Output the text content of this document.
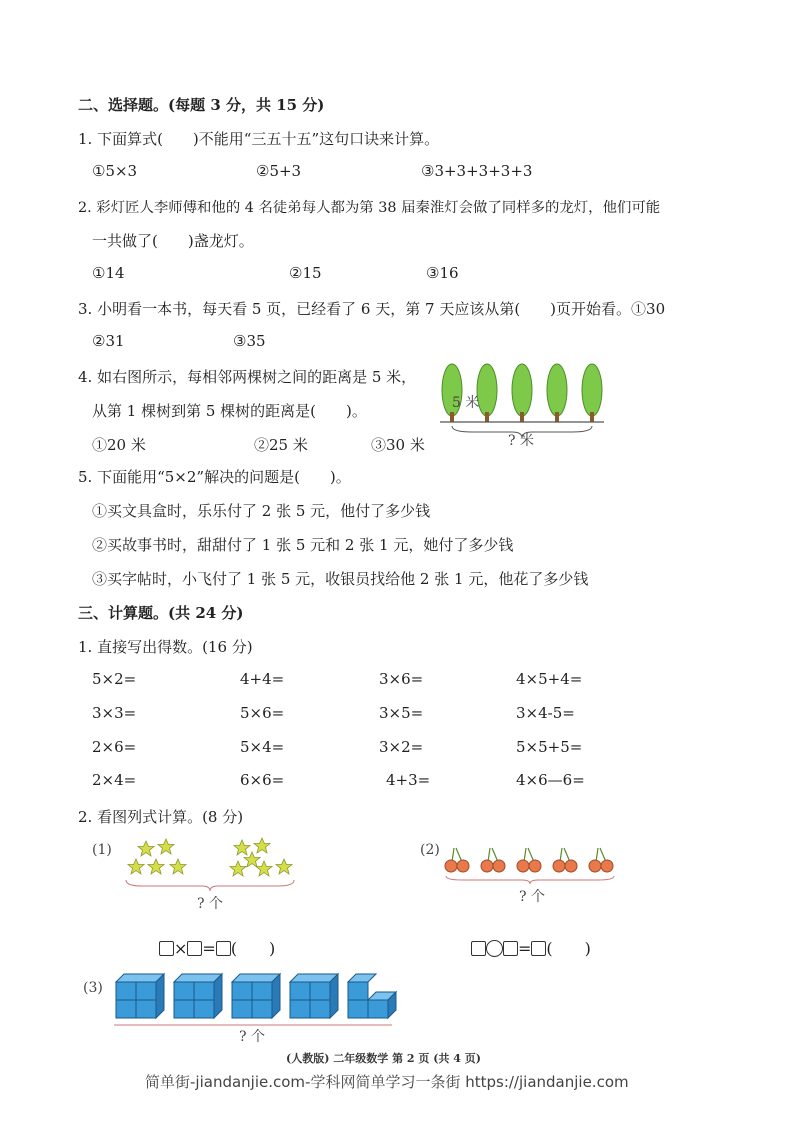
二、选择题。(每题 3 分，共 15 分)
1. 下面算式(　　)不能用“三五十五”这句口诀来计算。
①5×3	②5+3	③3+3+3+3+3
2. 彩灯匠人李师傅和他的 4 名徒弟每人都为第 38 届秦淮灯会做了同样多的龙灯，他们可能
一共做了(　　)盏龙灯。
①14	②15	③16
3. 小明看一本书，每天看 5 页，已经看了 6 天，第 7 天应该从第(　　)页开始看。①30
②31	③35
4. 如右图所示，每相邻两棵树之间的距离是 5 米，
从第 1 棵树到第 5 棵树的距离是(　　)。
①20 米	②25 米	③30 米
5 米
? 米
5. 下面能用“5×2”解决的问题是(　　)。
①买文具盒时，乐乐付了 2 张 5 元，他付了多少钱
②买故事书时，甜甜付了 1 张 5 元和 2 张 1 元，她付了多少钱
③买字帖时，小飞付了 1 张 5 元，收银员找给他 2 张 1 元，他花了多少钱
三、计算题。(共 24 分)
1. 直接写出得数。(16 分)
5×2=	4+4=	3×6=	4×5+4=
3×3=	5×6=	3×5=	3×4-5=
2×6=	5×4=	3×2=	5×5+5=
2×4=	6×6=	4+3=	4×6—6=
2. 看图列式计算。(8 分)
(1)
? 个
(2)
? 个
× = (　　)	= (　　)
(3)
? 个
(人教版) 二年级数学 第 2 页 (共 4 页)
简单街-jiandanjie.com-学科网简单学习一条街 https://jiandanjie.com
